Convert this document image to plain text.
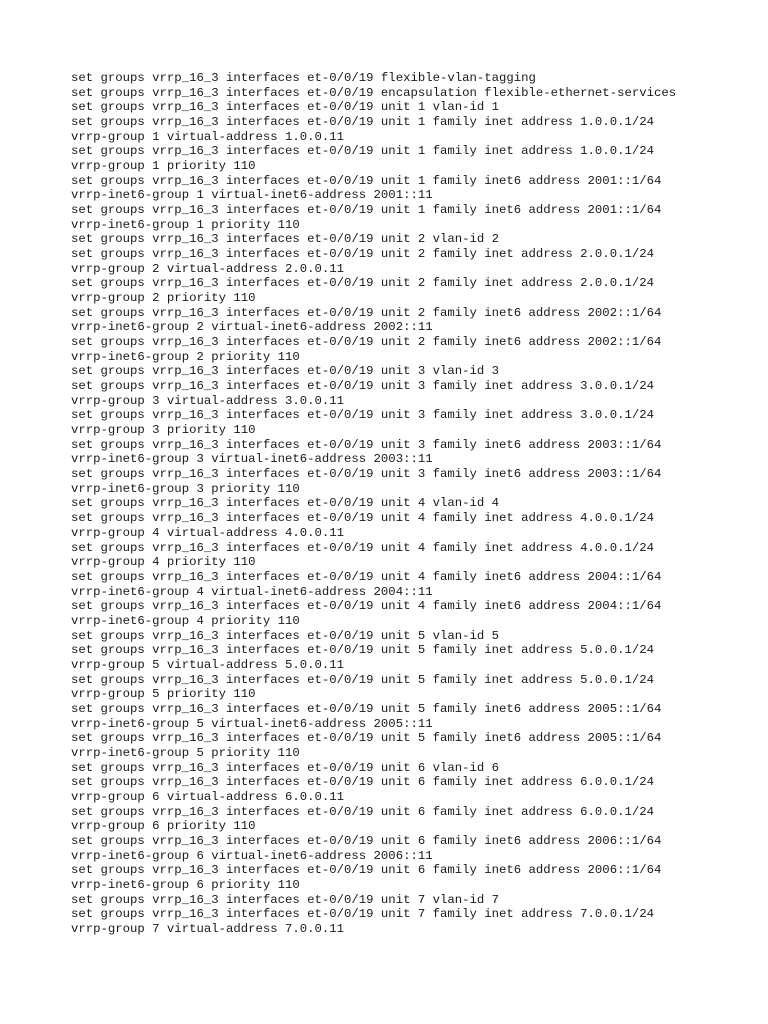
set groups vrrp_16_3 interfaces et-0/0/19 flexible-vlan-tagging
set groups vrrp_16_3 interfaces et-0/0/19 encapsulation flexible-ethernet-services
set groups vrrp_16_3 interfaces et-0/0/19 unit 1 vlan-id 1
set groups vrrp_16_3 interfaces et-0/0/19 unit 1 family inet address 1.0.0.1/24
vrrp-group 1 virtual-address 1.0.0.11
set groups vrrp_16_3 interfaces et-0/0/19 unit 1 family inet address 1.0.0.1/24
vrrp-group 1 priority 110
set groups vrrp_16_3 interfaces et-0/0/19 unit 1 family inet6 address 2001::1/64
vrrp-inet6-group 1 virtual-inet6-address 2001::11
set groups vrrp_16_3 interfaces et-0/0/19 unit 1 family inet6 address 2001::1/64
vrrp-inet6-group 1 priority 110
set groups vrrp_16_3 interfaces et-0/0/19 unit 2 vlan-id 2
set groups vrrp_16_3 interfaces et-0/0/19 unit 2 family inet address 2.0.0.1/24
vrrp-group 2 virtual-address 2.0.0.11
set groups vrrp_16_3 interfaces et-0/0/19 unit 2 family inet address 2.0.0.1/24
vrrp-group 2 priority 110
set groups vrrp_16_3 interfaces et-0/0/19 unit 2 family inet6 address 2002::1/64
vrrp-inet6-group 2 virtual-inet6-address 2002::11
set groups vrrp_16_3 interfaces et-0/0/19 unit 2 family inet6 address 2002::1/64
vrrp-inet6-group 2 priority 110
set groups vrrp_16_3 interfaces et-0/0/19 unit 3 vlan-id 3
set groups vrrp_16_3 interfaces et-0/0/19 unit 3 family inet address 3.0.0.1/24
vrrp-group 3 virtual-address 3.0.0.11
set groups vrrp_16_3 interfaces et-0/0/19 unit 3 family inet address 3.0.0.1/24
vrrp-group 3 priority 110
set groups vrrp_16_3 interfaces et-0/0/19 unit 3 family inet6 address 2003::1/64
vrrp-inet6-group 3 virtual-inet6-address 2003::11
set groups vrrp_16_3 interfaces et-0/0/19 unit 3 family inet6 address 2003::1/64
vrrp-inet6-group 3 priority 110
set groups vrrp_16_3 interfaces et-0/0/19 unit 4 vlan-id 4
set groups vrrp_16_3 interfaces et-0/0/19 unit 4 family inet address 4.0.0.1/24
vrrp-group 4 virtual-address 4.0.0.11
set groups vrrp_16_3 interfaces et-0/0/19 unit 4 family inet address 4.0.0.1/24
vrrp-group 4 priority 110
set groups vrrp_16_3 interfaces et-0/0/19 unit 4 family inet6 address 2004::1/64
vrrp-inet6-group 4 virtual-inet6-address 2004::11
set groups vrrp_16_3 interfaces et-0/0/19 unit 4 family inet6 address 2004::1/64
vrrp-inet6-group 4 priority 110
set groups vrrp_16_3 interfaces et-0/0/19 unit 5 vlan-id 5
set groups vrrp_16_3 interfaces et-0/0/19 unit 5 family inet address 5.0.0.1/24
vrrp-group 5 virtual-address 5.0.0.11
set groups vrrp_16_3 interfaces et-0/0/19 unit 5 family inet address 5.0.0.1/24
vrrp-group 5 priority 110
set groups vrrp_16_3 interfaces et-0/0/19 unit 5 family inet6 address 2005::1/64
vrrp-inet6-group 5 virtual-inet6-address 2005::11
set groups vrrp_16_3 interfaces et-0/0/19 unit 5 family inet6 address 2005::1/64
vrrp-inet6-group 5 priority 110
set groups vrrp_16_3 interfaces et-0/0/19 unit 6 vlan-id 6
set groups vrrp_16_3 interfaces et-0/0/19 unit 6 family inet address 6.0.0.1/24
vrrp-group 6 virtual-address 6.0.0.11
set groups vrrp_16_3 interfaces et-0/0/19 unit 6 family inet address 6.0.0.1/24
vrrp-group 6 priority 110
set groups vrrp_16_3 interfaces et-0/0/19 unit 6 family inet6 address 2006::1/64
vrrp-inet6-group 6 virtual-inet6-address 2006::11
set groups vrrp_16_3 interfaces et-0/0/19 unit 6 family inet6 address 2006::1/64
vrrp-inet6-group 6 priority 110
set groups vrrp_16_3 interfaces et-0/0/19 unit 7 vlan-id 7
set groups vrrp_16_3 interfaces et-0/0/19 unit 7 family inet address 7.0.0.1/24
vrrp-group 7 virtual-address 7.0.0.11
